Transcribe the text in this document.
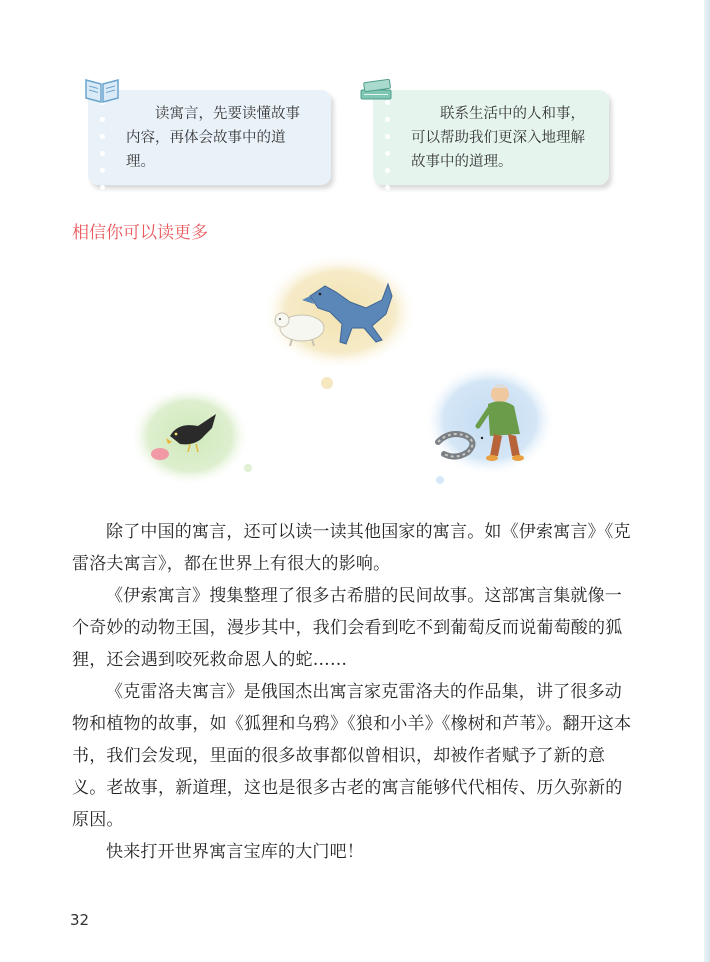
读寓言，先要读懂故事内容，再体会故事中的道理。
联系生活中的人和事，可以帮助我们更深入地理解故事中的道理。
相信你可以读更多

除了中国的寓言，还可以读一读其他国家的寓言。如《伊索寓言》《克雷洛夫寓言》，都在世界上有很大的影响。

《伊索寓言》搜集整理了很多古希腊的民间故事。这部寓言集就像一个奇妙的动物王国，漫步其中，我们会看到吃不到葡萄反而说葡萄酸的狐狸，还会遇到咬死救命恩人的蛇……

《克雷洛夫寓言》是俄国杰出寓言家克雷洛夫的作品集，讲了很多动物和植物的故事，如《狐狸和乌鸦》《狼和小羊》《橡树和芦苇》。翻开这本书，我们会发现，里面的很多故事都似曾相识，却被作者赋予了新的意义。老故事，新道理，这也是很多古老的寓言能够代代相传、历久弥新的原因。

快来打开世界寓言宝库的大门吧！

32
